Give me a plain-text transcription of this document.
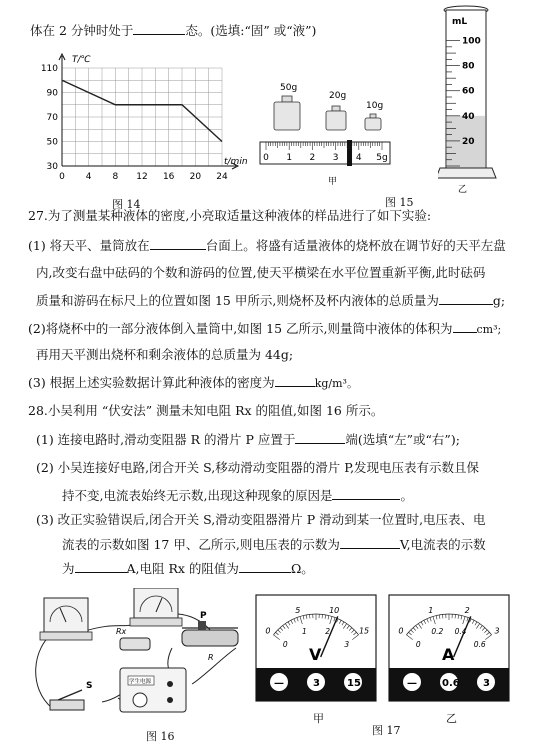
体在 2 分钟时处于	态。(选填:“固” 或“液”)
110
90
70
50
30
0 4 8 12 16 20 24
T/℃
t/min
图 14
50g
20g
10g
0 1 2 3 4 5g
甲
图 15
mL
100
80
60
40
20
乙
27.为了测量某种液体的密度,小亮取适量这种液体的样品进行了如下实验:
(1) 将天平、量筒放在	台面上。将盛有适量液体的烧杯放在调节好的天平左盘
内,改变右盘中砝码的个数和游码的位置,使天平横梁在水平位置重新平衡,此时砝码
质量和游码在标尺上的位置如图 15 甲所示,则烧杯及杯内液体的总质量为	g;
(2)将烧杯中的一部分液体倒入量筒中,如图 15 乙所示,则量筒中液体的体积为 cm³;
再用天平测出烧杯和剩余液体的总质量为 44g;
(3) 根据上述实验数据计算此种液体的密度为	kg/m³。
28.小吴利用 “伏安法” 测量未知电阻 Rx 的阻值,如图 16 所示。
(1) 连接电路时,滑动变阻器 R 的滑片 P 应置于	端(选填“左”或“右”);
(2) 小吴连接好电路,闭合开关 S,移动滑动变阻器的滑片 P,发现电压表有示数且保
持不变,电流表始终无示数,出现这种现象的原因是	。
(3) 改正实验错误后,闭合开关 S,滑动变阻器滑片 P 滑动到某一位置时,电压表、电
流表的示数如图 17 甲、乙所示,则电压表的示数为	V,电流表的示数
为	A,电阻 Rx 的阻值为	Ω。
Rx
P
R
学生电源
S
图 16
0
5	10
15
0
1 2
3
V
—	3	15
甲
0
1	2
3
0
0.2 0.4
0.6
A
—	0.6 3
乙
图 17
